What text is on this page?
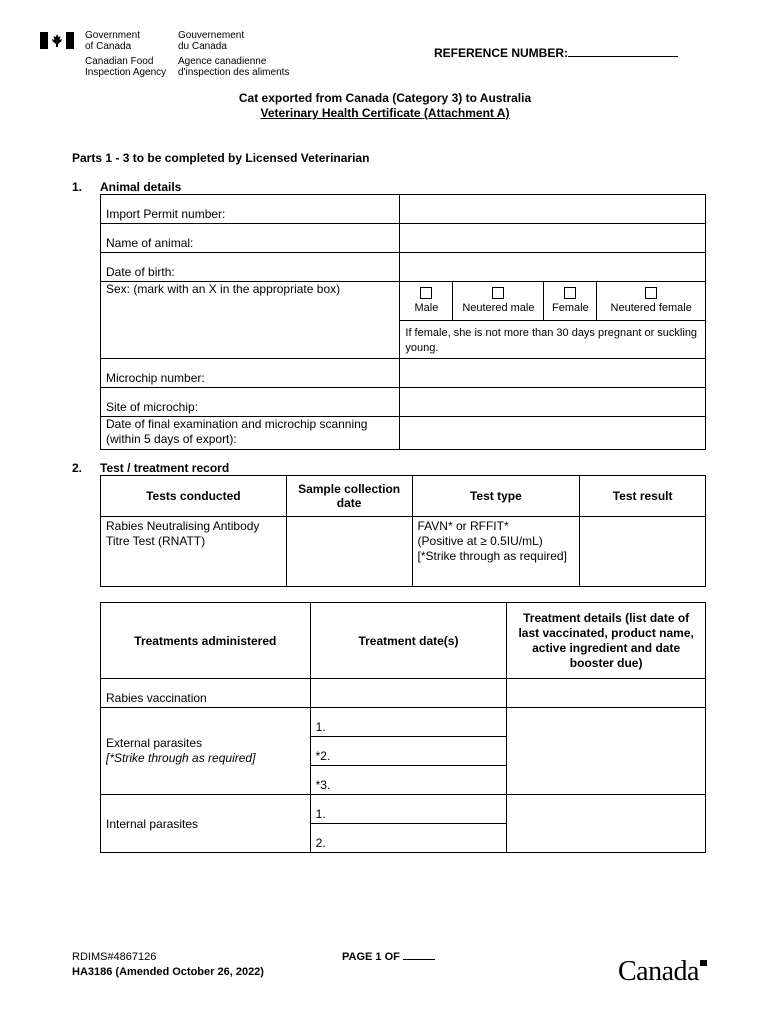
Government
of Canada
Gouvernement
du Canada
Canadian Food
Inspection Agency
Agence canadienne
d'inspection des aliments
REFERENCE NUMBER:
Cat exported from Canada (Category 3) to Australia
Veterinary Health Certificate (Attachment A)
Parts 1 - 3 to be completed by Licensed Veterinarian
1. Animal details
Import Permit number:

Name of animal:

Date of birth:

Sex: (mark with an X in the appropriate box)

Male	Neutered male	Female	Neutered female

If female, she is not more than 30 days pregnant or suckling young.

Microchip number:

Site of microchip:

Date of final examination and microchip scanning (within 5 days of export):

2. Test / treatment record
Tests conducted	Sample collection date	Test type	Test result

Rabies Neutralising Antibody Titre Test (RNATT)		FAVN* or RFFIT*
(Positive at ≥ 0.5IU/mL)
[*Strike through as required]	

Treatments administered	Treatment date(s)	Treatment details (list date of last vaccinated, product name, active ingredient and date booster due)

Rabies vaccination		

External parasites
[*Strike through as required]	1.	

	*2.	

	*3.	

Internal parasites	1.	

	2.	
RDIMS#4867126
HA3186 (Amended October 26, 2022)
PAGE 1 OF	Canada
